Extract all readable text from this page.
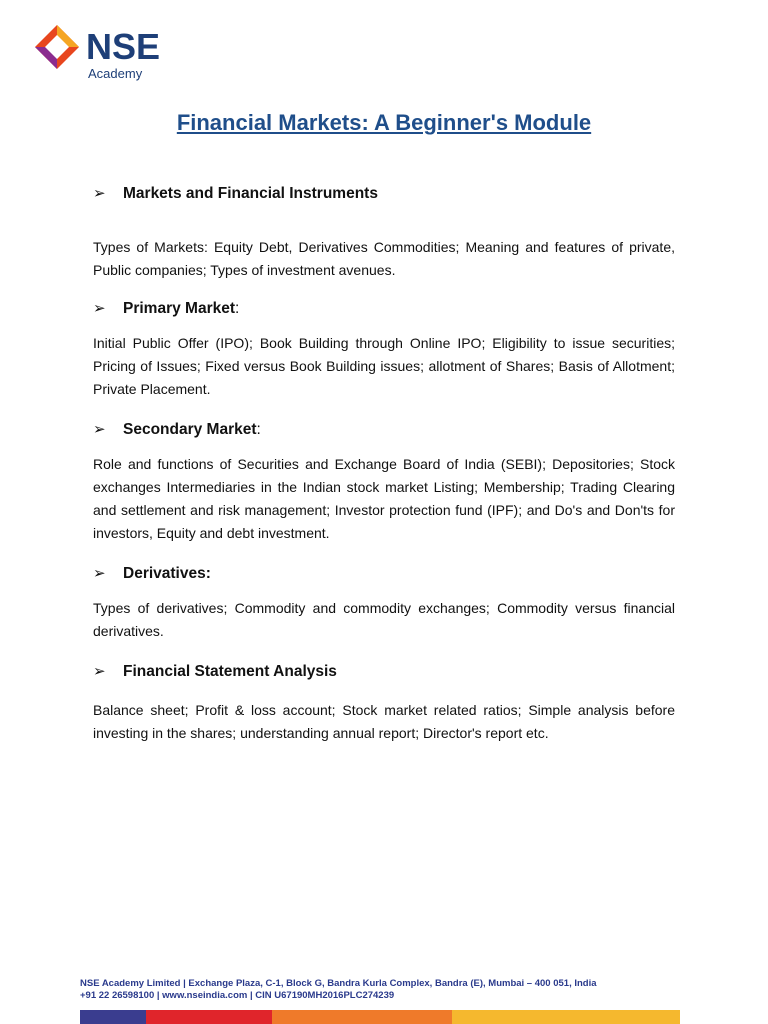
NSE
Academy
Financial Markets: A Beginner's Module
➢ Markets and Financial Instruments

Types of Markets: Equity Debt, Derivatives Commodities; Meaning and features of private, Public companies; Types of investment avenues.

➢ Primary Market:

Initial Public Offer (IPO); Book Building through Online IPO; Eligibility to issue securities; Pricing of Issues; Fixed versus Book Building issues; allotment of Shares; Basis of Allotment; Private Placement.

➢ Secondary Market:

Role and functions of Securities and Exchange Board of India (SEBI); Depositories; Stock exchanges Intermediaries in the Indian stock market Listing; Membership; Trading Clearing and settlement and risk management; Investor protection fund (IPF); and Do's and Don'ts for investors, Equity and debt investment.

➢ Derivatives:

Types of derivatives; Commodity and commodity exchanges; Commodity versus financial derivatives.

➢ Financial Statement Analysis

Balance sheet; Profit & loss account; Stock market related ratios; Simple analysis before investing in the shares; understanding annual report; Director's report etc.

NSE Academy Limited | Exchange Plaza, C-1, Block G, Bandra Kurla Complex, Bandra (E), Mumbai – 400 051, India
+91 22 26598100 | www.nseindia.com | CIN U67190MH2016PLC274239
